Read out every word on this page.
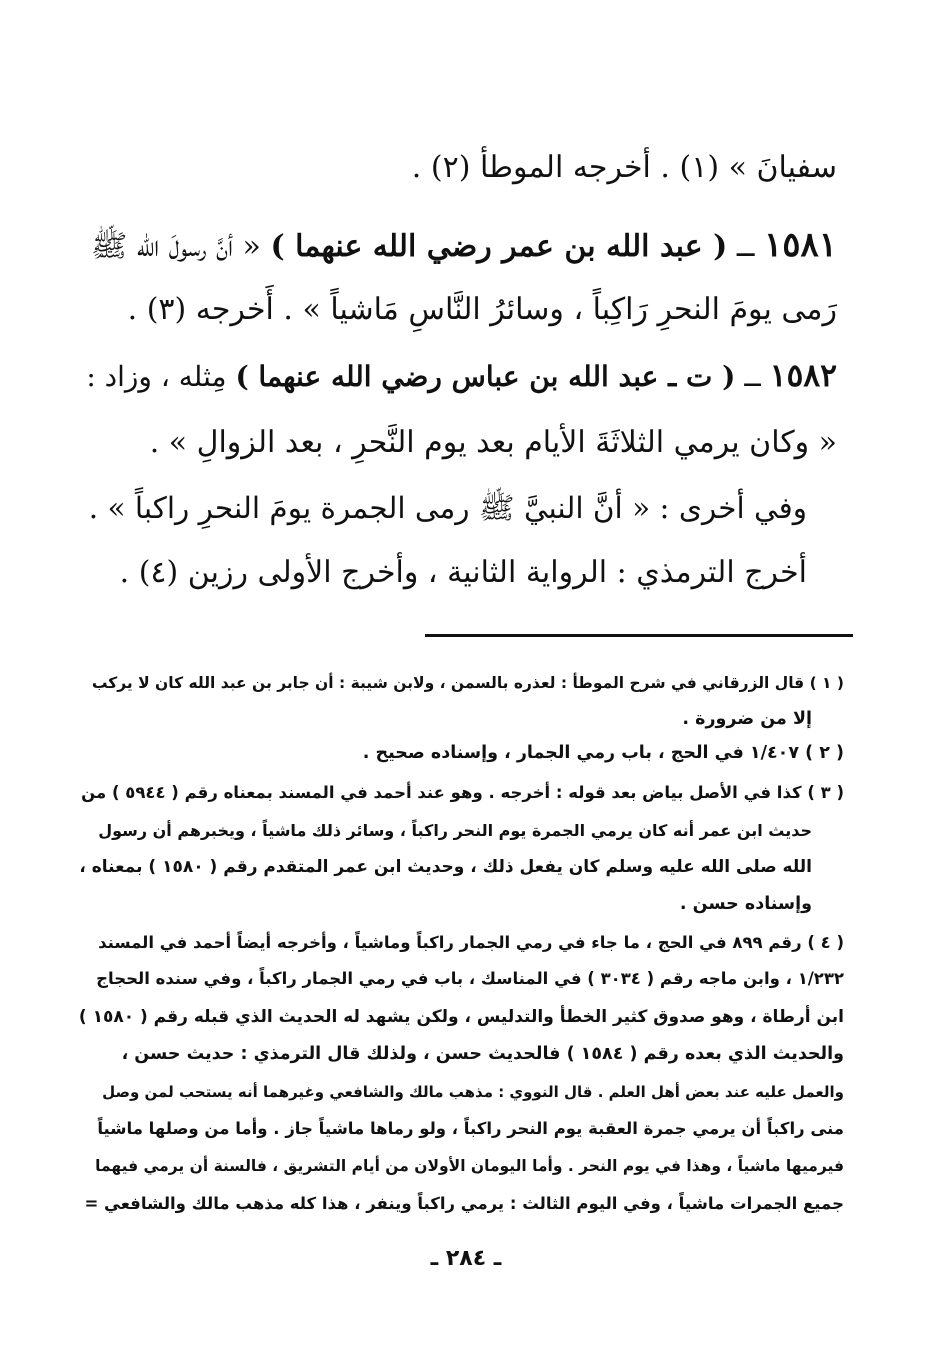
سفيانَ » (١) . أخرجه الموطأ (٢) .
١٥٨١ ــ ( عبد الله بن عمر رضي الله عنهما ) « أنَّ رسولَ الله ﷺ
رَمى يومَ النحرِ رَاكِباً ، وسائرُ النَّاسِ مَاشياً » . أَخرجه (٣) .
١٥٨٢ ــ ( ت ـ عبد الله بن عباس رضي الله عنهما ) مِثله ، وزاد :
« وكان يرمي الثلاثَةَ الأيام بعد يوم النَّحرِ ، بعد الزوالِ » .
وفي أخرى : « أنَّ النبيَّ ﷺ رمى الجمرة يومَ النحرِ راكباً » .
أخرج الترمذي : الرواية الثانية ، وأخرج الأولى رزين (٤) .
( ١ ) قال الزرقاني في شرح الموطأ : لعذره بالسمن ، ولابن شيبة : أن جابر بن عبد الله كان لا يركب
إلا من ضرورة .
( ٢ ) ١/٤٠٧ في الحج ، باب رمي الجمار ، وإسناده صحيح .
( ٣ ) كذا في الأصل بياض بعد قوله : أخرجه . وهو عند أحمد في المسند بمعناه رقم ( ٥٩٤٤ ) من
حديث ابن عمر أنه كان يرمي الجمرة يوم النحر راكباً ، وسائر ذلك ماشياً ، ويخبرهم أن رسول
الله صلى الله عليه وسلم كان يفعل ذلك ، وحديث ابن عمر المتقدم رقم ( ١٥٨٠ ) بمعناه ،
وإسناده حسن .
( ٤ ) رقم ٨٩٩ في الحج ، ما جاء في رمي الجمار راكباً وماشياً ، وأخرجه أيضاً أحمد في المسند
١/٢٣٢ ، وابن ماجه رقم ( ٣٠٣٤ ) في المناسك ، باب في رمي الجمار راكباً ، وفي سنده الحجاج
ابن أرطاة ، وهو صدوق كثير الخطأ والتدليس ، ولكن يشهد له الحديث الذي قبله رقم ( ١٥٨٠ )
والحديث الذي بعده رقم ( ١٥٨٤ ) فالحديث حسن ، ولذلك قال الترمذي : حديث حسن ،
والعمل عليه عند بعض أهل العلم . قال النووي : مذهب مالك والشافعي وغيرهما أنه يستحب لمن وصل
منى راكباً أن يرمي جمرة العقبة يوم النحر راكباً ، ولو رماها ماشياً جاز . وأما من وصلها ماشياً
فيرميها ماشياً ، وهذا في يوم النحر . وأما اليومان الأولان من أيام التشريق ، فالسنة أن يرمي فيهما
جميع الجمرات ماشياً ، وفي اليوم الثالث : يرمي راكباً وينفر ، هذا كله مذهب مالك والشافعي =
ـ ٢٨٤ ـ
